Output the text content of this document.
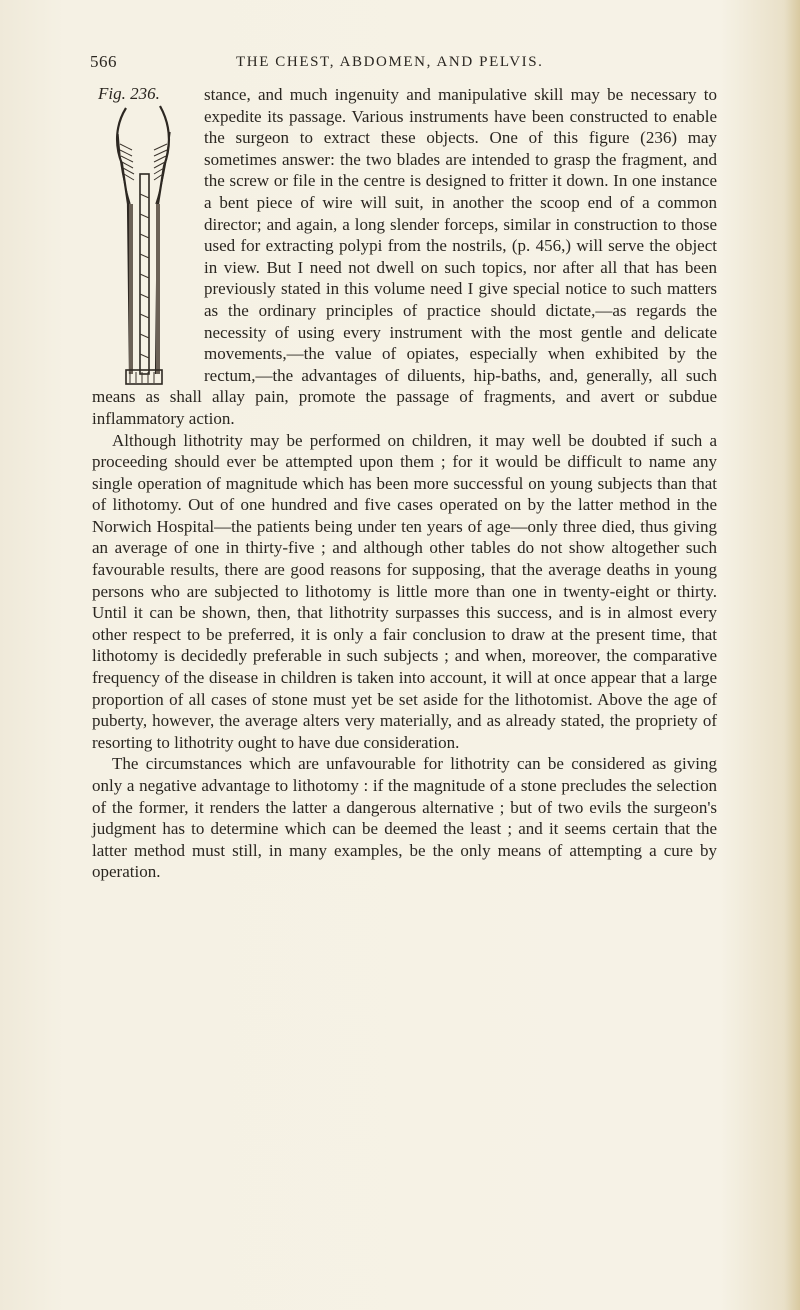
566	THE CHEST, ABDOMEN, AND PELVIS.
Fig. 236.	stance, and much ingenuity and manipulative skill may be necessary to expedite its passage. Various instruments have been constructed to enable the surgeon to extract these objects. One of this figure (236) may sometimes answer: the two blades are intended to grasp the fragment, and the screw or file in the centre is designed to fritter it down. In one instance a bent piece of wire will suit, in another the scoop end of a common director; and again, a long slender forceps, similar in construction to those used for extracting polypi from the nostrils, (p. 456,) will serve the object in view. But I need not dwell on such topics, nor after all that has been previously stated in this volume need I give special notice to such matters as the ordinary principles of practice should dictate,—as regards the necessity of using every instrument with the most gentle and delicate movements,—the value of opiates, especially when exhibited by the rectum,—the advantages of diluents, hip-baths, and, generally, all such means as shall allay pain, promote the passage of fragments, and avert or subdue inflammatory action.

Although lithotrity may be performed on children, it may well be doubted if such a proceeding should ever be attempted upon them ; for it would be difficult to name any single operation of magnitude which has been more successful on young subjects than that of lithotomy. Out of one hundred and five cases operated on by the latter method in the Norwich Hospital—the patients being under ten years of age—only three died, thus giving an average of one in thirty-five ; and although other tables do not show altogether such favourable results, there are good reasons for supposing, that the average deaths in young persons who are subjected to lithotomy is little more than one in twenty-eight or thirty. Until it can be shown, then, that lithotrity surpasses this success, and is in almost every other respect to be preferred, it is only a fair conclusion to draw at the present time, that lithotomy is decidedly preferable in such subjects ; and when, moreover, the comparative frequency of the disease in children is taken into account, it will at once appear that a large proportion of all cases of stone must yet be set aside for the lithotomist. Above the age of puberty, however, the average alters very materially, and as already stated, the propriety of resorting to lithotrity ought to have due consideration.

The circumstances which are unfavourable for lithotrity can be considered as giving only a negative advantage to lithotomy : if the magnitude of a stone precludes the selection of the former, it renders the latter a dangerous alternative ; but of two evils the surgeon's judgment has to determine which can be deemed the least ; and it seems certain that the latter method must still, in many examples, be the only means of attempting a cure by operation.
